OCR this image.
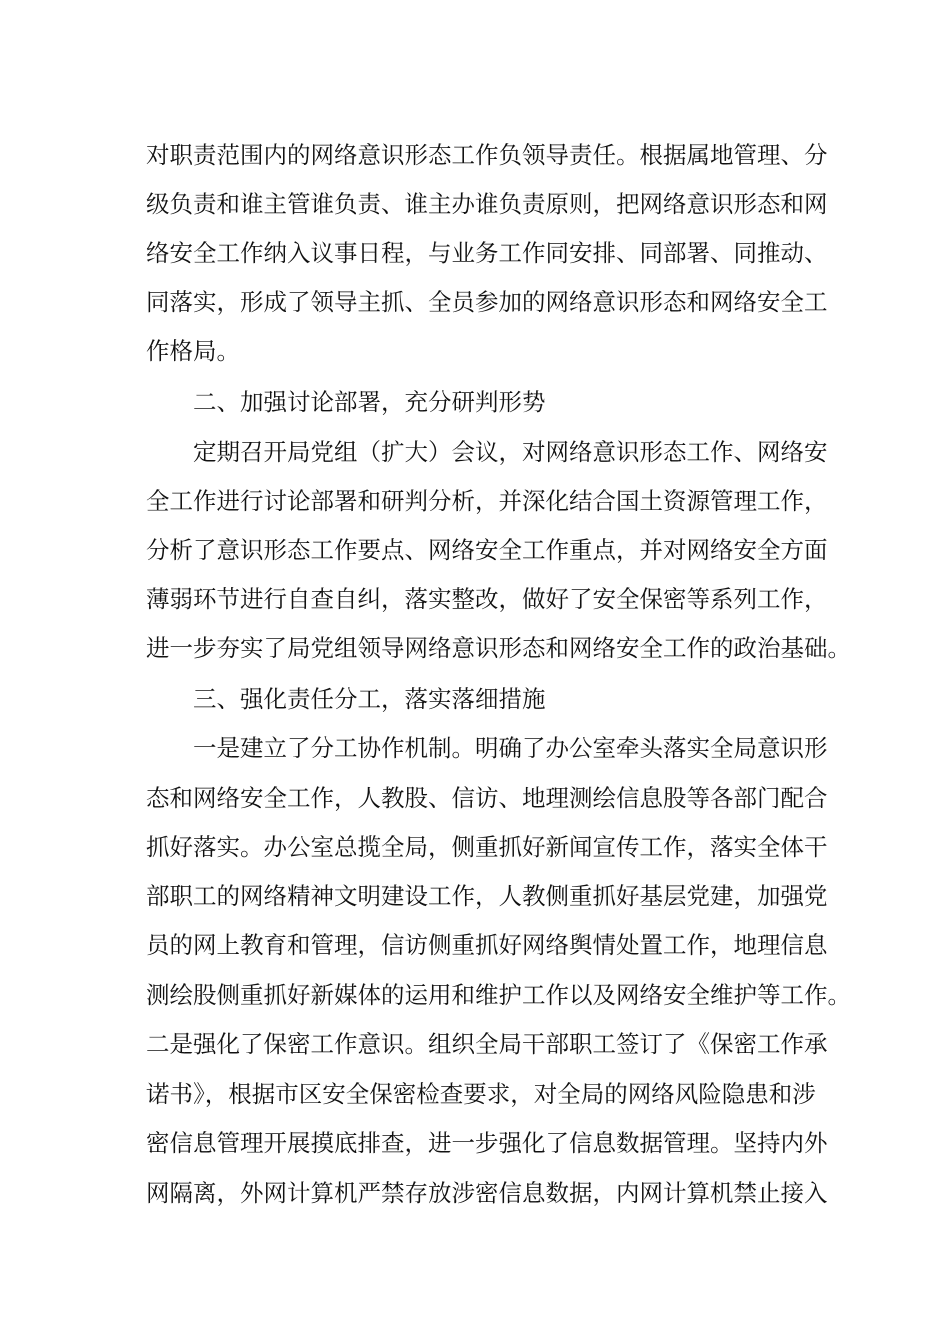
对职责范围内的网络意识形态工作负领导责任。根据属地管理、分
级负责和谁主管谁负责、谁主办谁负责原则，把网络意识形态和网
络安全工作纳入议事日程，与业务工作同安排、同部署、同推动、
同落实，形成了领导主抓、全员参加的网络意识形态和网络安全工
作格局。
二、加强讨论部署，充分研判形势
定期召开局党组（扩大）会议，对网络意识形态工作、网络安
全工作进行讨论部署和研判分析，并深化结合国土资源管理工作，
分析了意识形态工作要点、网络安全工作重点，并对网络安全方面
薄弱环节进行自查自纠，落实整改，做好了安全保密等系列工作，
进一步夯实了局党组领导网络意识形态和网络安全工作的政治基础。
三、强化责任分工，落实落细措施
一是建立了分工协作机制。明确了办公室牵头落实全局意识形
态和网络安全工作，人教股、信访、地理测绘信息股等各部门配合
抓好落实。办公室总揽全局，侧重抓好新闻宣传工作，落实全体干
部职工的网络精神文明建设工作，人教侧重抓好基层党建，加强党
员的网上教育和管理，信访侧重抓好网络舆情处置工作，地理信息
测绘股侧重抓好新媒体的运用和维护工作以及网络安全维护等工作。
二是强化了保密工作意识。组织全局干部职工签订了《保密工作承
诺书》，根据市区安全保密检查要求，对全局的网络风险隐患和涉
密信息管理开展摸底排查，进一步强化了信息数据管理。坚持内外
网隔离，外网计算机严禁存放涉密信息数据，内网计算机禁止接入
